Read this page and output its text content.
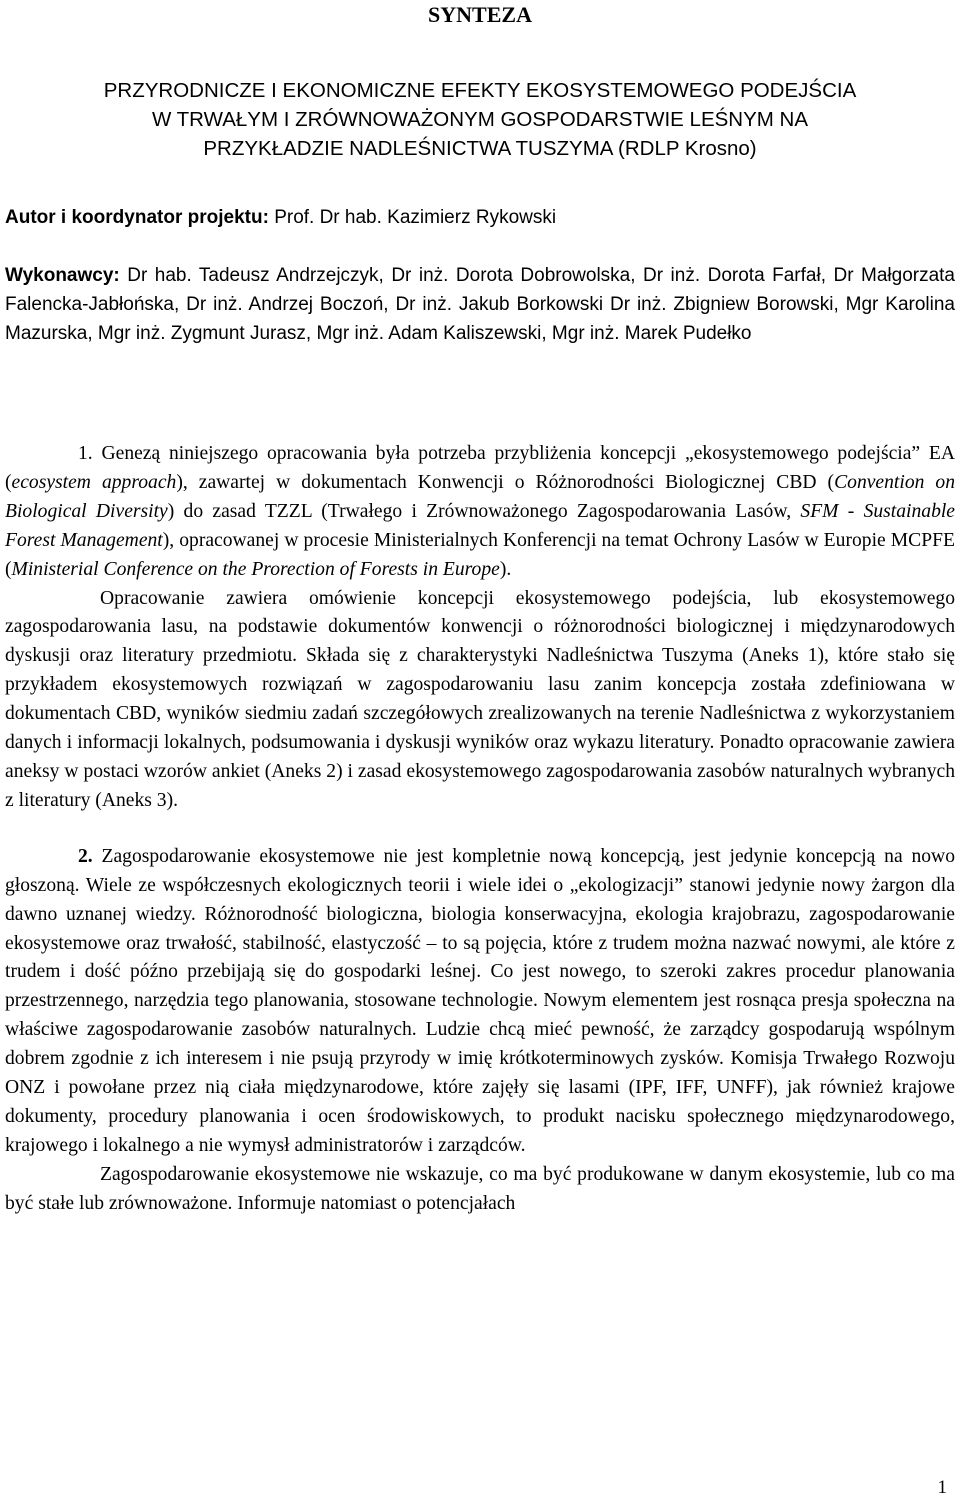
SYNTEZA
PRZYRODNICZE I EKONOMICZNE EFEKTY EKOSYSTEMOWEGO PODEJŚCIA
W TRWAŁYM I ZRÓWNOWAŻONYM GOSPODARSTWIE LEŚNYM NA
PRZYKŁADZIE NADLEŚNICTWA TUSZYMA (RDLP Krosno)
Autor i koordynator projektu: Prof. Dr hab. Kazimierz Rykowski
Wykonawcy: Dr hab. Tadeusz Andrzejczyk, Dr inż. Dorota Dobrowolska, Dr inż. Dorota Farfał, Dr Małgorzata Falencka-Jabłońska, Dr inż. Andrzej Boczoń, Dr inż. Jakub Borkowski Dr inż. Zbigniew Borowski, Mgr Karolina Mazurska, Mgr inż. Zygmunt Jurasz, Mgr inż. Adam Kaliszewski, Mgr inż. Marek Pudełko

1. Genezą niniejszego opracowania była potrzeba przybliżenia koncepcji „ekosystemowego podejścia” EA (ecosystem approach), zawartej w dokumentach Konwencji o Różnorodności Biologicznej CBD (Convention on Biological Diversity) do zasad TZZL (Trwałego i Zrównoważonego Zagospodarowania Lasów, SFM - Sustainable Forest Management), opracowanej w procesie Ministerialnych Konferencji na temat Ochrony Lasów w Europie MCPFE (Ministerial Conference on the Prorection of Forests in Europe).

Opracowanie zawiera omówienie koncepcji ekosystemowego podejścia, lub ekosystemowego zagospodarowania lasu, na podstawie dokumentów konwencji o różnorodności biologicznej i międzynarodowych dyskusji oraz literatury przedmiotu. Składa się z charakterystyki Nadleśnictwa Tuszyma (Aneks 1), które stało się przykładem ekosystemowych rozwiązań w zagospodarowaniu lasu zanim koncepcja została zdefiniowana w dokumentach CBD, wyników siedmiu zadań szczegółowych zrealizowanych na terenie Nadleśnictwa z wykorzystaniem danych i informacji lokalnych, podsumowania i dyskusji wyników oraz wykazu literatury. Ponadto opracowanie zawiera aneksy w postaci wzorów ankiet (Aneks 2) i zasad ekosystemowego zagospodarowania zasobów naturalnych wybranych z literatury (Aneks 3).

2. Zagospodarowanie ekosystemowe nie jest kompletnie nową koncepcją, jest jedynie koncepcją na nowo głoszoną. Wiele ze współczesnych ekologicznych teorii i wiele idei o „ekologizacji” stanowi jedynie nowy żargon dla dawno uznanej wiedzy. Różnorodność biologiczna, biologia konserwacyjna, ekologia krajobrazu, zagospodarowanie ekosystemowe oraz trwałość, stabilność, elastyczość – to są pojęcia, które z trudem można nazwać nowymi, ale które z trudem i dość późno przebijają się do gospodarki leśnej. Co jest nowego, to szeroki zakres procedur planowania przestrzennego, narzędzia tego planowania, stosowane technologie. Nowym elementem jest rosnąca presja społeczna na właściwe zagospodarowanie zasobów naturalnych. Ludzie chcą mieć pewność, że zarządcy gospodarują wspólnym dobrem zgodnie z ich interesem i nie psują przyrody w imię krótkoterminowych zysków. Komisja Trwałego Rozwoju ONZ i powołane przez nią ciała międzynarodowe, które zajęły się lasami (IPF, IFF, UNFF), jak również krajowe dokumenty, procedury planowania i ocen środowiskowych, to produkt nacisku społecznego międzynarodowego, krajowego i lokalnego a nie wymysł administratorów i zarządców.

Zagospodarowanie ekosystemowe nie wskazuje, co ma być produkowane w danym ekosystemie, lub co ma być stałe lub zrównoważone. Informuje natomiast o potencjałach

1
